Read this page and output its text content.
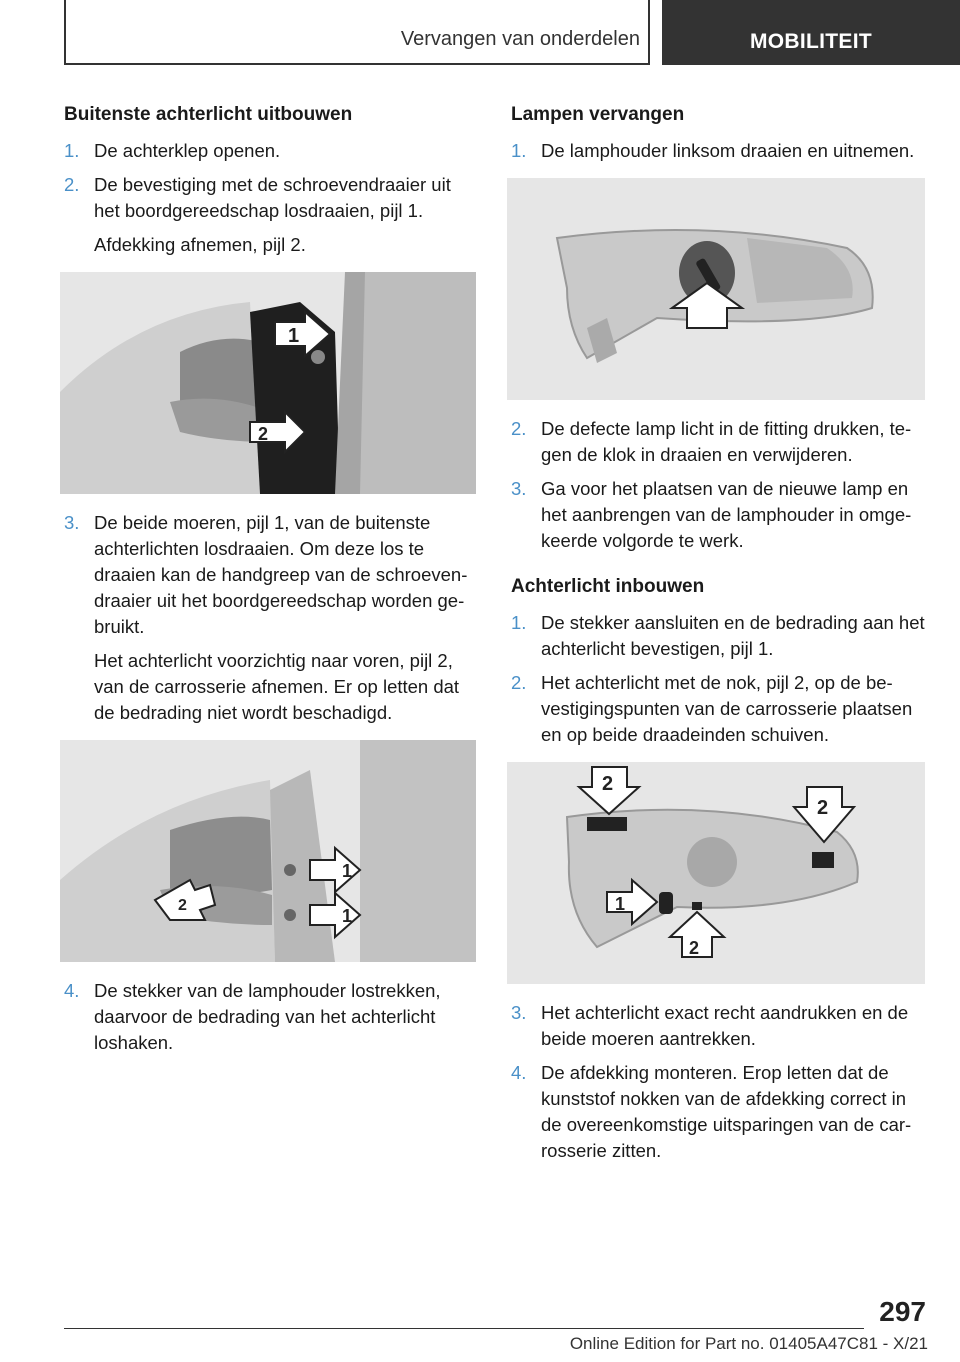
Vervangen van onderdelen	MOBILITEIT
Buitenste achterlicht uitbouwen
1. De achterklep openen.
2. De bevestiging met de schroevendraaier uit het boordgereedschap losdraaien, pijl 1.
Afdekking afnemen, pijl 2.
1
2
3. De beide moeren, pijl 1, van de buitenste achterlichten losdraaien. Om deze los te draaien kan de handgreep van de schroeven-draaier uit het boordgereedschap worden ge-bruikt.
Het achterlicht voorzichtig naar voren, pijl 2, van de carrosserie afnemen. Er op letten dat de bedrading niet wordt beschadigd.
1
1
2
4. De stekker van de lamphouder lostrekken, daarvoor de bedrading van het achterlicht loshaken.
Lampen vervangen
1. De lamphouder linksom draaien en uitnemen.
2. De defecte lamp licht in de fitting drukken, te-gen de klok in draaien en verwijderen.
3. Ga voor het plaatsen van de nieuwe lamp en het aanbrengen van de lamphouder in omge-keerde volgorde te werk.
Achterlicht inbouwen
1. De stekker aansluiten en de bedrading aan het achterlicht bevestigen, pijl 1.
2. Het achterlicht met de nok, pijl 2, op de be-vestigingspunten van de carrosserie plaatsen en op beide draadeinden schuiven.
2
2
1
2
3. Het achterlicht exact recht aandrukken en de beide moeren aantrekken.
4. De afdekking monteren. Erop letten dat de kunststof nokken van de afdekking correct in de overeenkomstige uitsparingen van de car-rosserie zitten.
297
Online Edition for Part no. 01405A47C81 - X/21
